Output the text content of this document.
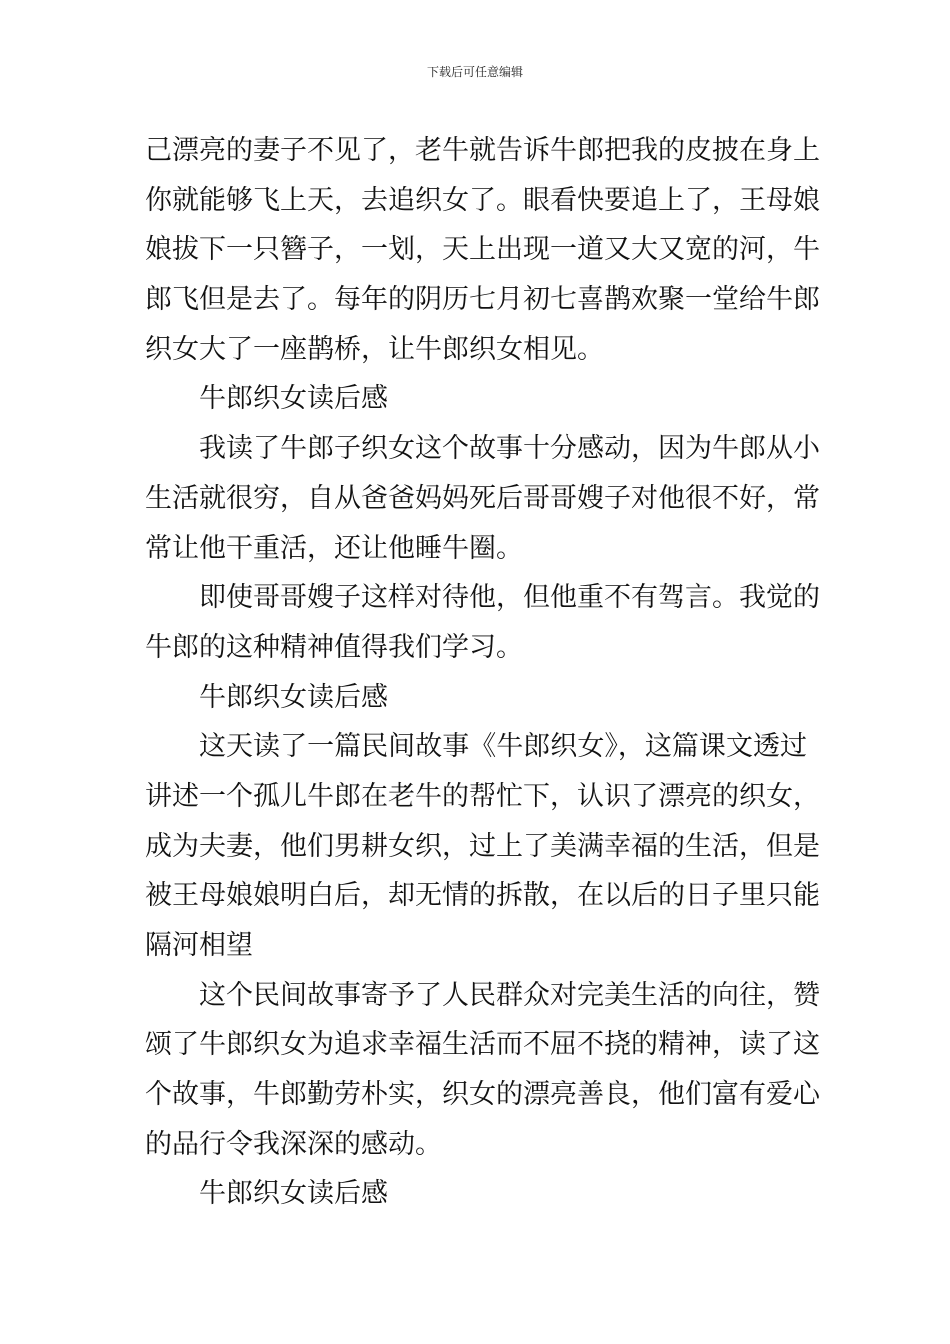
下载后可任意编辑
己漂亮的妻子不见了，老牛就告诉牛郎把我的皮披在身上
你就能够飞上天，去追织女了。眼看快要追上了，王母娘
娘拔下一只簪子，一划，天上出现一道又大又宽的河，牛
郎飞但是去了。每年的阴历七月初七喜鹊欢聚一堂给牛郎
织女大了一座鹊桥，让牛郎织女相见。
牛郎织女读后感
我读了牛郎子织女这个故事十分感动，因为牛郎从小
生活就很穷，自从爸爸妈妈死后哥哥嫂子对他很不好，常
常让他干重活，还让他睡牛圈。
即使哥哥嫂子这样对待他，但他重不有驾言。我觉的
牛郎的这种精神值得我们学习。
牛郎织女读后感
这天读了一篇民间故事《牛郎织女》，这篇课文透过
讲述一个孤儿牛郎在老牛的帮忙下，认识了漂亮的织女，
成为夫妻，他们男耕女织，过上了美满幸福的生活，但是
被王母娘娘明白后，却无情的拆散，在以后的日子里只能
隔河相望
这个民间故事寄予了人民群众对完美生活的向往，赞
颂了牛郎织女为追求幸福生活而不屈不挠的精神，读了这
个故事，牛郎勤劳朴实，织女的漂亮善良，他们富有爱心
的品行令我深深的感动。
牛郎织女读后感
